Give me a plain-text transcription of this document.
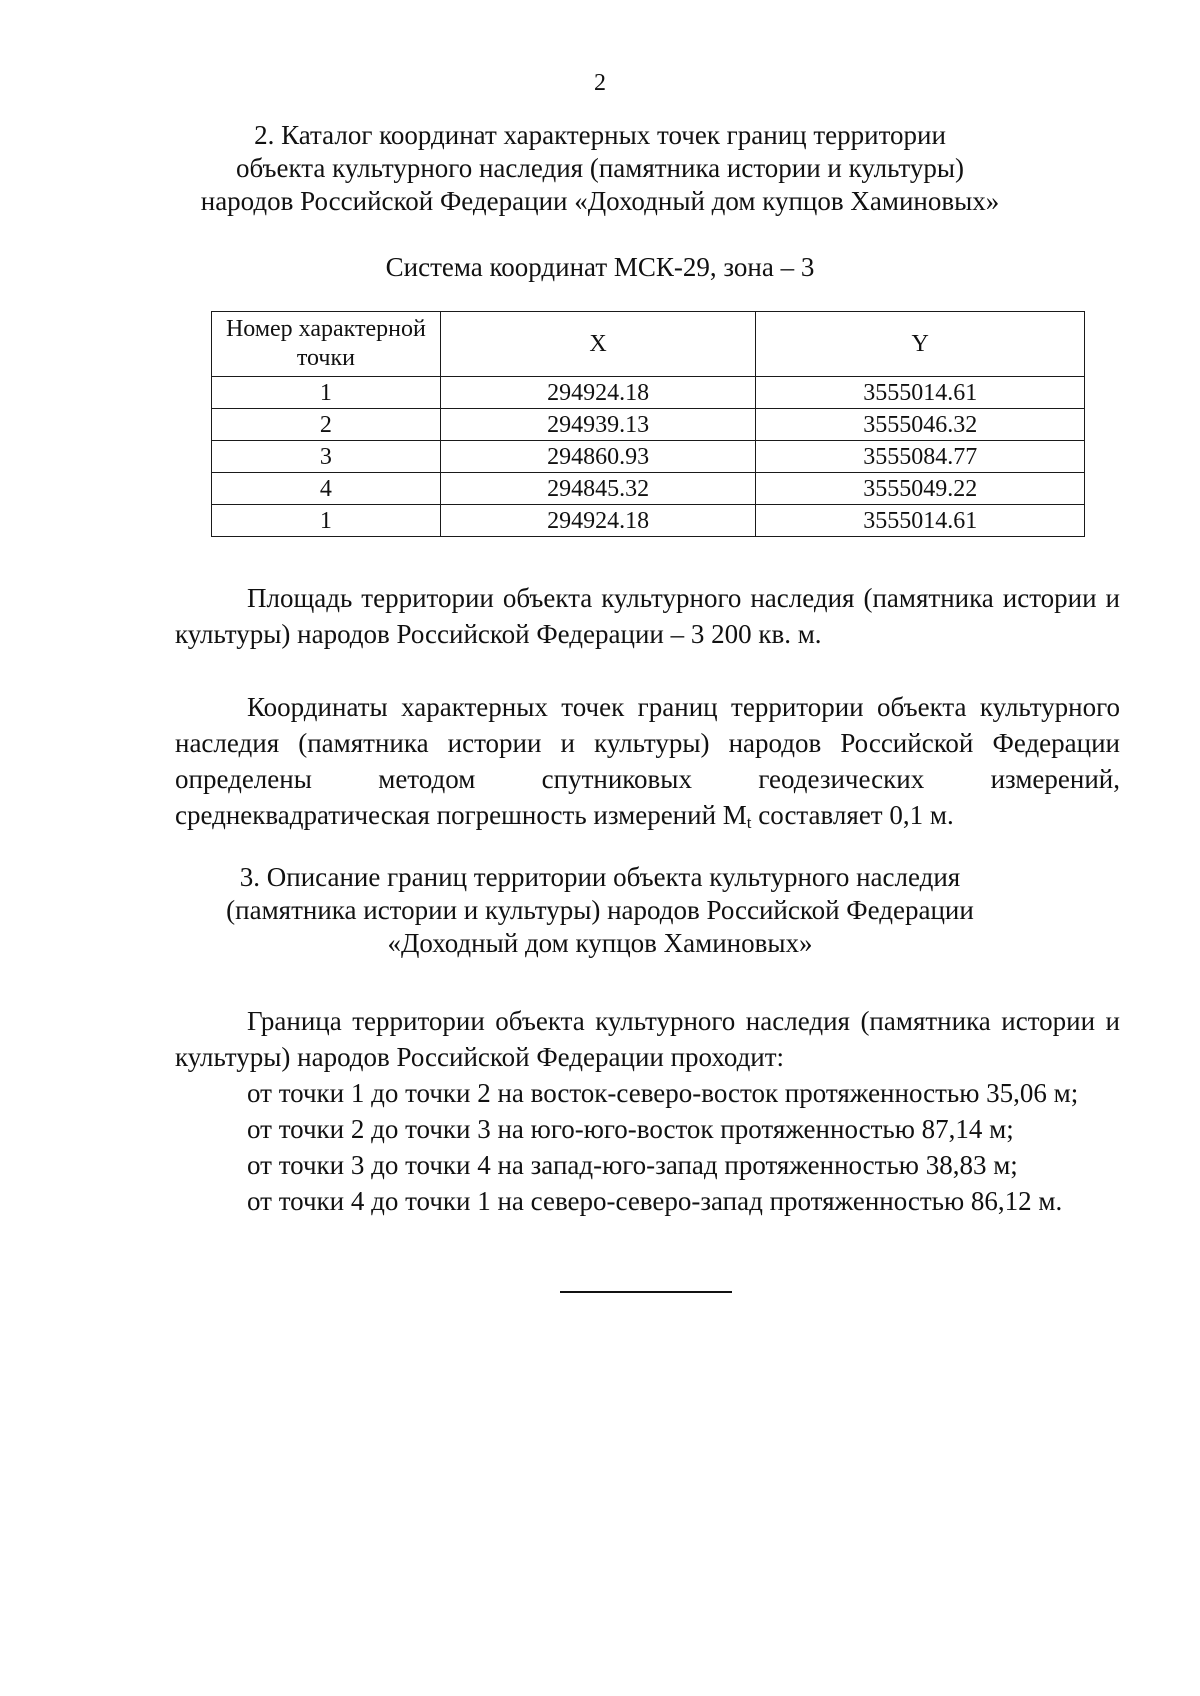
2
2. Каталог координат характерных точек границ территории
объекта культурного наследия (памятника истории и культуры)
народов Российской Федерации «Доходный дом купцов Хаминовых»
Система координат МСК-29, зона – 3
Номер характерной точки	X	Y
1	294924.18	3555014.61
2	294939.13	3555046.32
3	294860.93	3555084.77
4	294845.32	3555049.22
1	294924.18	3555014.61
Площадь территории объекта культурного наследия (памятника истории и культуры) народов Российской Федерации – 3 200 кв. м.
Координаты характерных точек границ территории объекта культурного наследия (памятника истории и культуры) народов Российской Федерации определены методом спутниковых геодезических измерений, среднеквадратическая погрешность измерений $M_t$ составляет 0,1 м.
3. Описание границ территории объекта культурного наследия
(памятника истории и культуры) народов Российской Федерации
«Доходный дом купцов Хаминовых»
Граница территории объекта культурного наследия (памятника истории и культуры) народов Российской Федерации проходит:
от точки 1 до точки 2 на восток-северо-восток протяженностью 35,06 м;
от точки 2 до точки 3 на юго-юго-восток протяженностью 87,14 м;
от точки 3 до точки 4 на запад-юго-запад протяженностью 38,83 м;
от точки 4 до точки 1 на северо-северо-запад протяженностью 86,12 м.
